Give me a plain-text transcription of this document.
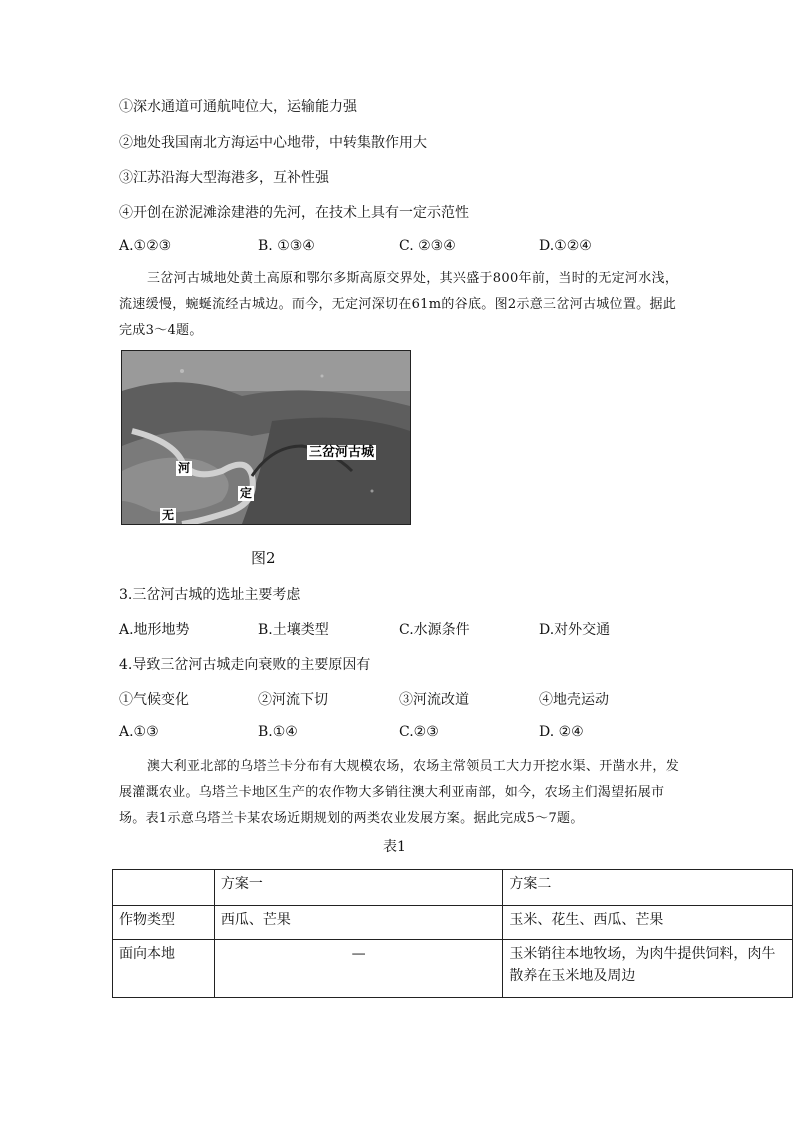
①深水通道可通航吨位大，运输能力强
②地处我国南北方海运中心地带，中转集散作用大
③江苏沿海大型海港多，互补性强
④开创在淤泥滩涂建港的先河，在技术上具有一定示范性
A.①②③	B. ①③④	C. ②③④	D.①②④
三岔河古城地处黄土高原和鄂尔多斯高原交界处，其兴盛于800年前，当时的无定河水浅，流速缓慢，蜿蜒流经古城边。而今，无定河深切在61m的谷底。图2示意三岔河古城位置。据此完成3～4题。
三岔河古城
河
定
无
图2
3.三岔河古城的选址主要考虑
A.地形地势	B.土壤类型	C.水源条件	D.对外交通
4.导致三岔河古城走向衰败的主要原因有
①气候变化	②河流下切	③河流改道	④地壳运动
A.①③	B.①④	C.②③	D. ②④
澳大利亚北部的乌塔兰卡分布有大规模农场，农场主常领员工大力开挖水渠、开凿水井，发展灌溉农业。乌塔兰卡地区生产的农作物大多销往澳大利亚南部，如今，农场主们渴望拓展市场。表1示意乌塔兰卡某农场近期规划的两类农业发展方案。据此完成5～7题。
表1
	方案一	方案二
作物类型	西瓜、芒果	玉米、花生、西瓜、芒果
面向本地	—	玉米销往本地牧场，为肉牛提供饲料，肉牛散养在玉米地及周边
